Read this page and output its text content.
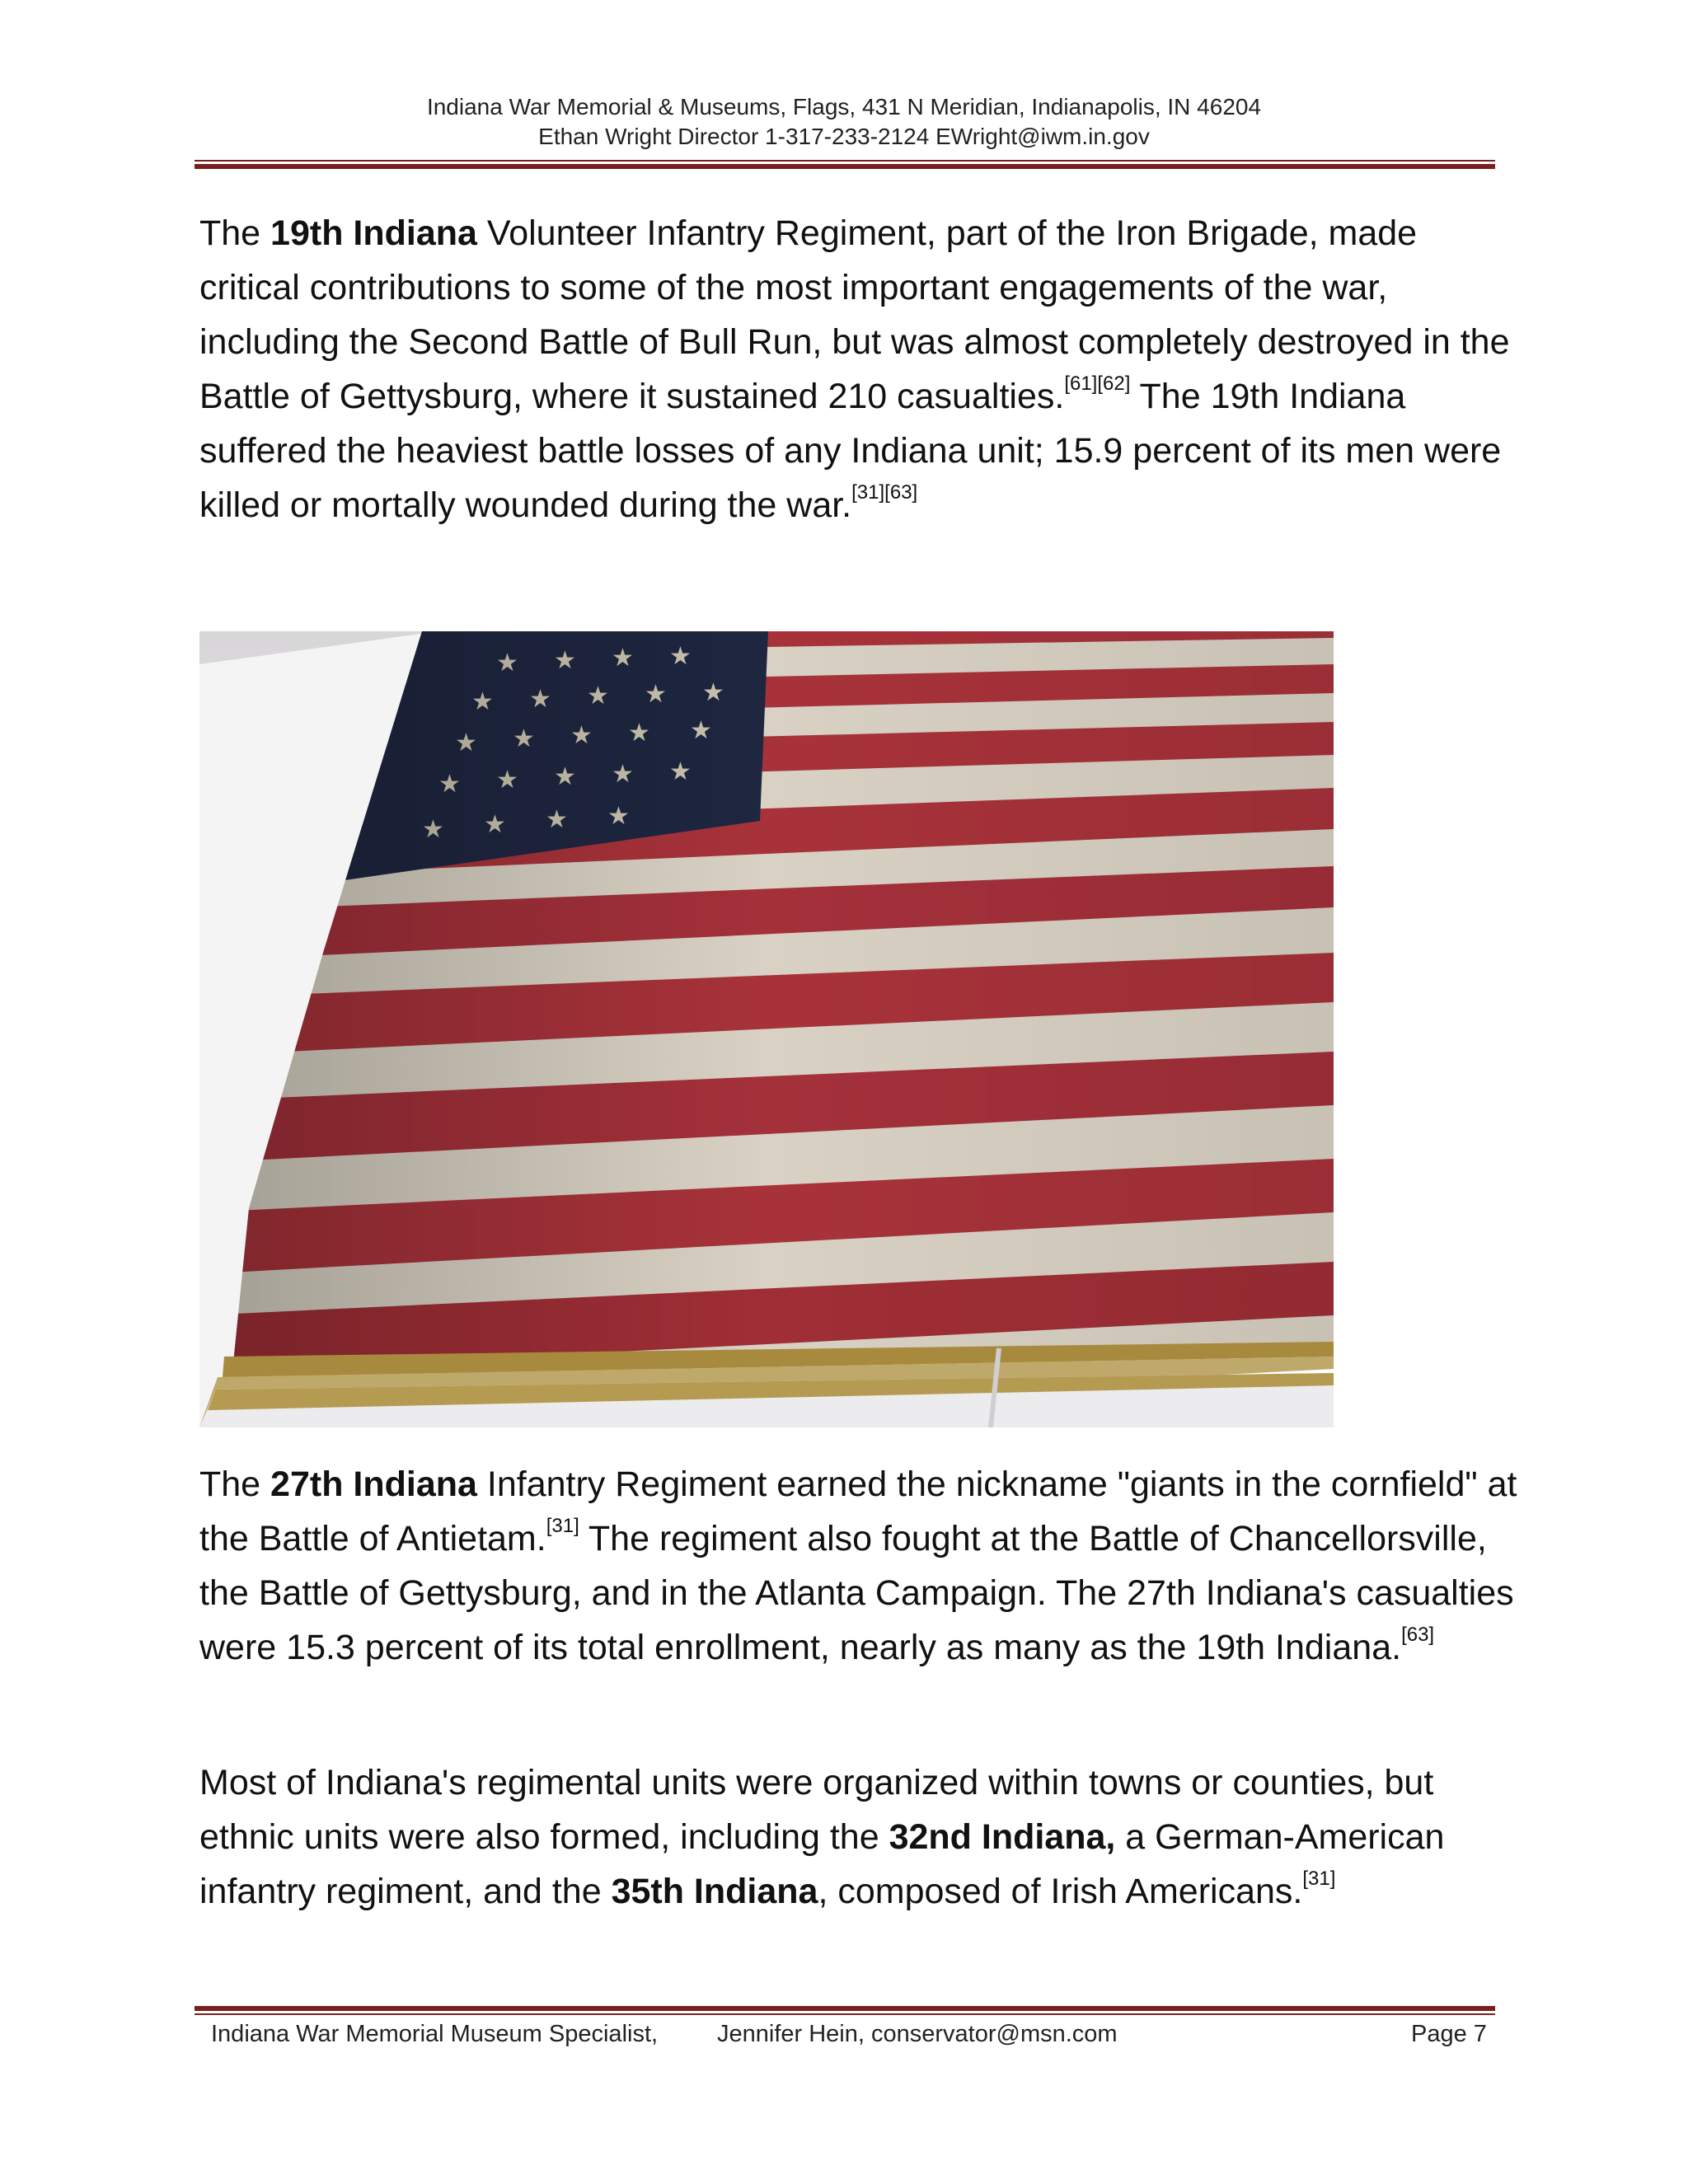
Indiana War Memorial & Museums, Flags, 431 N Meridian, Indianapolis, IN 46204
Ethan Wright Director 1-317-233-2124 EWright@iwm.in.gov

The 19th Indiana Volunteer Infantry Regiment, part of the Iron Brigade, made critical contributions to some of the most important engagements of the war, including the Second Battle of Bull Run, but was almost completely destroyed in the Battle of Gettysburg, where it sustained 210 casualties.[61][62] The 19th Indiana suffered the heaviest battle losses of any Indiana unit; 15.9 percent of its men were killed or mortally wounded during the war.[31][63]

The 27th Indiana Infantry Regiment earned the nickname "giants in the cornfield" at the Battle of Antietam.[31] The regiment also fought at the Battle of Chancellorsville, the Battle of Gettysburg, and in the Atlanta Campaign. The 27th Indiana's casualties were 15.3 percent of its total enrollment, nearly as many as the 19th Indiana.[63]

Most of Indiana's regimental units were organized within towns or counties, but ethnic units were also formed, including the 32nd Indiana, a German-American infantry regiment, and the 35th Indiana, composed of Irish Americans.[31]

Indiana War Memorial Museum Specialist, Jennifer Hein, conservator@msn.com	Page 7
